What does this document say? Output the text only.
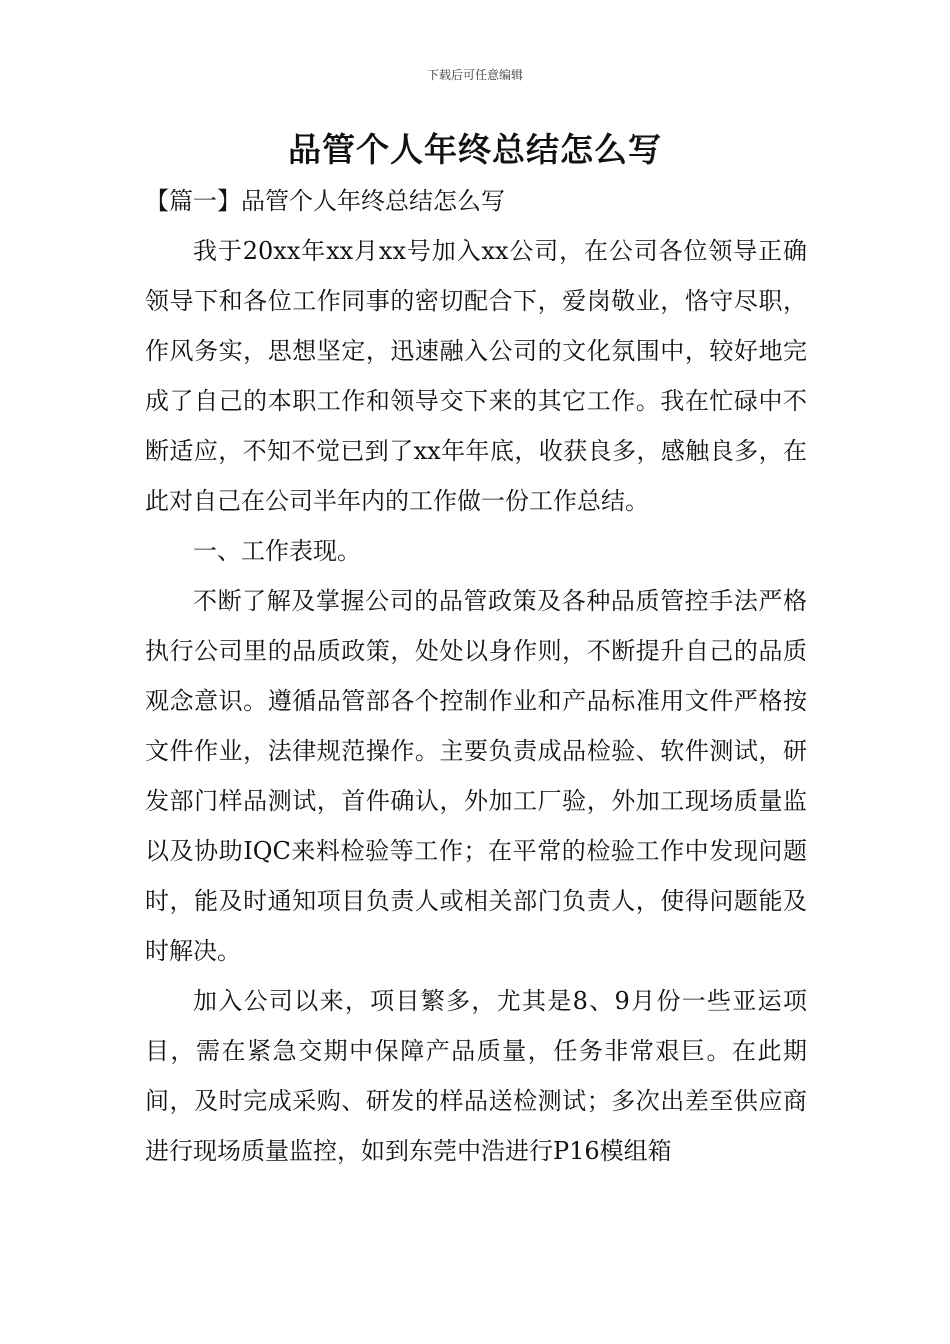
下载后可任意编辑
品管个人年终总结怎么写
【篇一】品管个人年终总结怎么写

我于20xx年xx月xx号加入xx公司，在公司各位领导正确领导下和各位工作同事的密切配合下，爱岗敬业，恪守尽职，作风务实，思想坚定，迅速融入公司的文化氛围中，较好地完成了自己的本职工作和领导交下来的其它工作。我在忙碌中不断适应，不知不觉已到了xx年年底，收获良多，感触良多，在此对自己在公司半年内的工作做一份工作总结。

一、工作表现。

不断了解及掌握公司的品管政策及各种品质管控手法严格执行公司里的品质政策，处处以身作则，不断提升自己的品质观念意识。遵循品管部各个控制作业和产品标准用文件严格按文件作业，法律规范操作。主要负责成品检验、软件测试，研发部门样品测试，首件确认，外加工厂验，外加工现场质量监以及协助IQC来料检验等工作；在平常的检验工作中发现问题时，能及时通知项目负责人或相关部门负责人，使得问题能及时解决。

加入公司以来，项目繁多，尤其是8、9月份一些亚运项目，需在紧急交期中保障产品质量，任务非常艰巨。在此期间，及时完成采购、研发的样品送检测试；多次出差至供应商进行现场质量监控，如到东莞中浩进行P16模组箱
